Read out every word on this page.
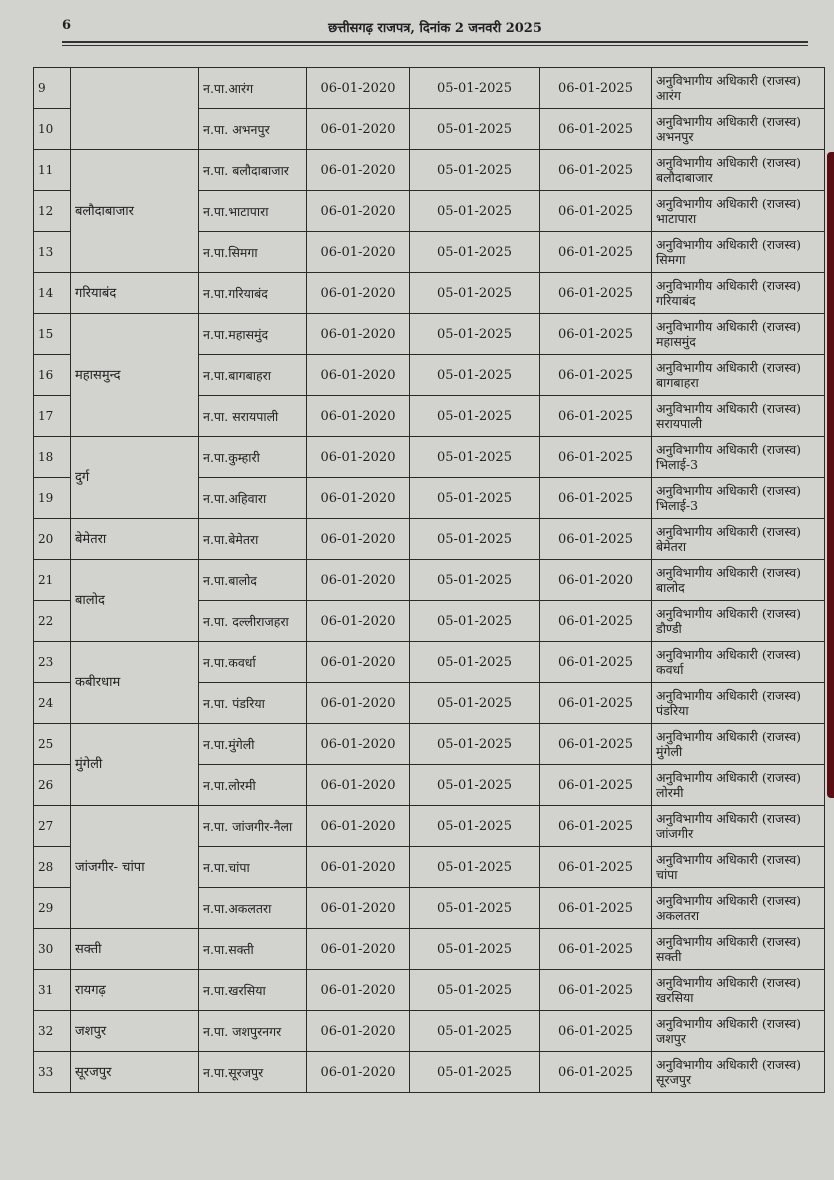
6	छत्तीसगढ़ राजपत्र, दिनांक 2 जनवरी 2025
9		न.पा.आरंग	06-01-2020	05-01-2025	06-01-2025	अनुविभागीय अधिकारी (राजस्व) आरंग
10		न.पा. अभनपुर	06-01-2020	05-01-2025	06-01-2025	अनुविभागीय अधिकारी (राजस्व) अभनपुर
11	बलौदाबाजार	न.पा. बलौदाबाजार	06-01-2020	05-01-2025	06-01-2025	अनुविभागीय अधिकारी (राजस्व) बलौदाबाजार
12		न.पा.भाटापारा	06-01-2020	05-01-2025	06-01-2025	अनुविभागीय अधिकारी (राजस्व) भाटापारा
13		न.पा.सिमगा	06-01-2020	05-01-2025	06-01-2025	अनुविभागीय अधिकारी (राजस्व) सिमगा
14	गरियाबंद	न.पा.गरियाबंद	06-01-2020	05-01-2025	06-01-2025	अनुविभागीय अधिकारी (राजस्व) गरियाबंद
15	महासमुन्द	न.पा.महासमुंद	06-01-2020	05-01-2025	06-01-2025	अनुविभागीय अधिकारी (राजस्व) महासमुंद
16		न.पा.बागबाहरा	06-01-2020	05-01-2025	06-01-2025	अनुविभागीय अधिकारी (राजस्व) बागबाहरा
17		न.पा. सरायपाली	06-01-2020	05-01-2025	06-01-2025	अनुविभागीय अधिकारी (राजस्व) सरायपाली
18	दुर्ग	न.पा.कुम्हारी	06-01-2020	05-01-2025	06-01-2025	अनुविभागीय अधिकारी (राजस्व) भिलाई-3
19		न.पा.अहिवारा	06-01-2020	05-01-2025	06-01-2025	अनुविभागीय अधिकारी (राजस्व) भिलाई-3
20	बेमेतरा	न.पा.बेमेतरा	06-01-2020	05-01-2025	06-01-2025	अनुविभागीय अधिकारी (राजस्व) बेमेतरा
21	बालोद	न.पा.बालोद	06-01-2020	05-01-2025	06-01-2020	अनुविभागीय अधिकारी (राजस्व) बालोद
22		न.पा. दल्लीराजहरा	06-01-2020	05-01-2025	06-01-2025	अनुविभागीय अधिकारी (राजस्व) डौण्डी
23	कबीरधाम	न.पा.कवर्धा	06-01-2020	05-01-2025	06-01-2025	अनुविभागीय अधिकारी (राजस्व) कवर्धा
24		न.पा. पंडरिया	06-01-2020	05-01-2025	06-01-2025	अनुविभागीय अधिकारी (राजस्व) पंडरिया
25	मुंगेली	न.पा.मुंगेली	06-01-2020	05-01-2025	06-01-2025	अनुविभागीय अधिकारी (राजस्व) मुंगेली
26		न.पा.लोरमी	06-01-2020	05-01-2025	06-01-2025	अनुविभागीय अधिकारी (राजस्व) लोरमी
27	जांजगीर- चांपा	न.पा. जांजगीर-नैला	06-01-2020	05-01-2025	06-01-2025	अनुविभागीय अधिकारी (राजस्व) जांजगीर
28		न.पा.चांपा	06-01-2020	05-01-2025	06-01-2025	अनुविभागीय अधिकारी (राजस्व) चांपा
29		न.पा.अकलतरा	06-01-2020	05-01-2025	06-01-2025	अनुविभागीय अधिकारी (राजस्व) अकलतरा
30	सक्ती	न.पा.सक्ती	06-01-2020	05-01-2025	06-01-2025	अनुविभागीय अधिकारी (राजस्व) सक्ती
31	रायगढ़	न.पा.खरसिया	06-01-2020	05-01-2025	06-01-2025	अनुविभागीय अधिकारी (राजस्व) खरसिया
32	जशपुर	न.पा. जशपुरनगर	06-01-2020	05-01-2025	06-01-2025	अनुविभागीय अधिकारी (राजस्व) जशपुर
33	सूरजपुर	न.पा.सूरजपुर	06-01-2020	05-01-2025	06-01-2025	अनुविभागीय अधिकारी (राजस्व) सूरजपुर
